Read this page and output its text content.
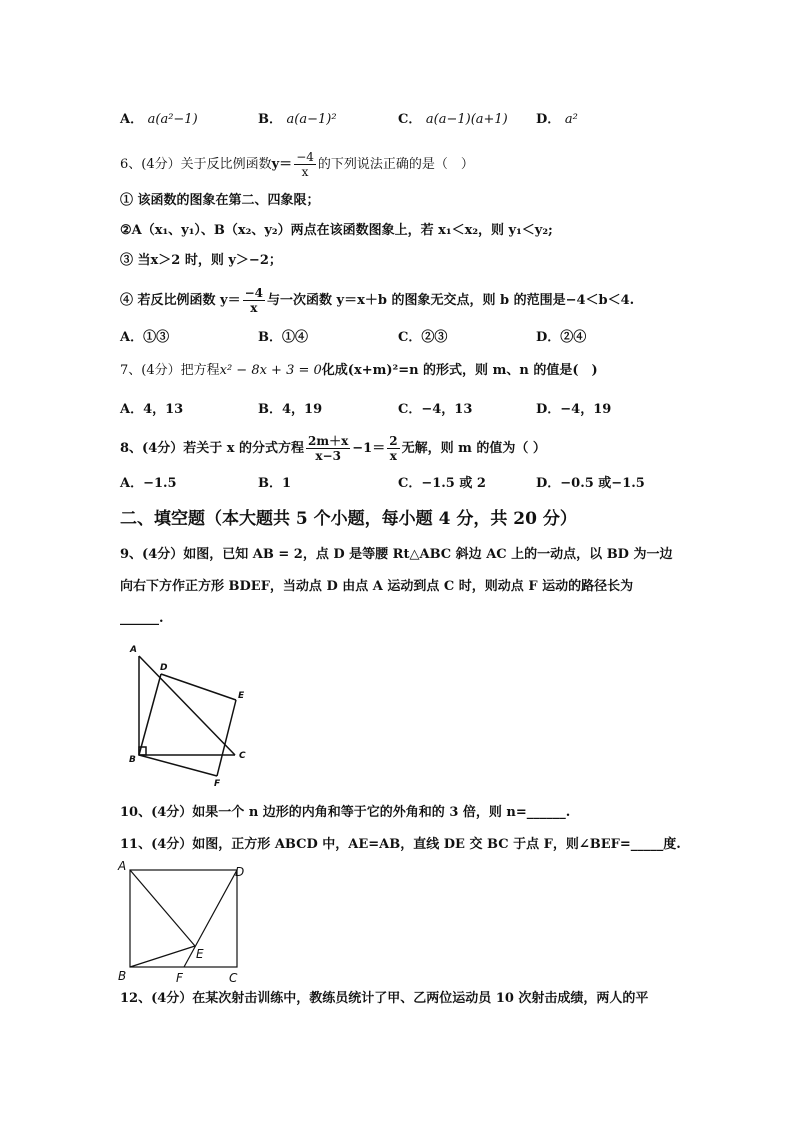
A． a(a²−1)	B． a(a−1)²	C． a(a−1)(a+1) D． a²
6、(4分）关于反比例函数$y= \frac{-4}{x}$ 的下列说法正确的是（　）
① 该函数的图象在第二、四象限；
②A（x₁、y₁）、B（x₂、y₂）两点在该函数图象上，若 x₁＜x₂，则 y₁＜y₂;
③ 当x＞2 时，则 y＞−2；
④ 若反比例函数 $y= \frac{-4}{x}$ 与一次函数 y＝x＋b 的图象无交点，则 b 的范围是−4＜b＜4.
A．①③	B．①④	C．②③	D．②④
7、(4分）把方程x² − 8x + 3 = 0化成(x+m)²=n 的形式，则 m、n 的值是(　)
A．4，13	B．4，19	C．−4，13	D．−4，19
8、(4分）若关于 x 的分式方程 $\frac{2m+x}{x-3} -1= \frac{2}{x}$ 无解，则 m 的值为（ ）
A．−1.5	B．1	C．−1.5 或 2	D．−0.5 或−1.5
二、填空题（本大题共 5 个小题，每小题 4 分，共 20 分）
9、(4分）如图，已知 AB = 2，点 D 是等腰 Rt△ABC 斜边 AC 上的一动点，以 BD 为一边
向右下方作正方形 BDEF，当动点 D 由点 A 运动到点 C 时，则动点 F 运动的路径长为
______.
A
D
E
B	C
F
10、(4分）如果一个 n 边形的内角和等于它的外角和的 3 倍，则 n=______.
11、(4分）如图，正方形 ABCD 中，AE=AB，直线 DE 交 BC 于点 F，则∠BEF=_____度.
A	D
E
B	F	C
12、(4分）在某次射击训练中，教练员统计了甲、乙两位运动员 10 次射击成绩，两人的平
